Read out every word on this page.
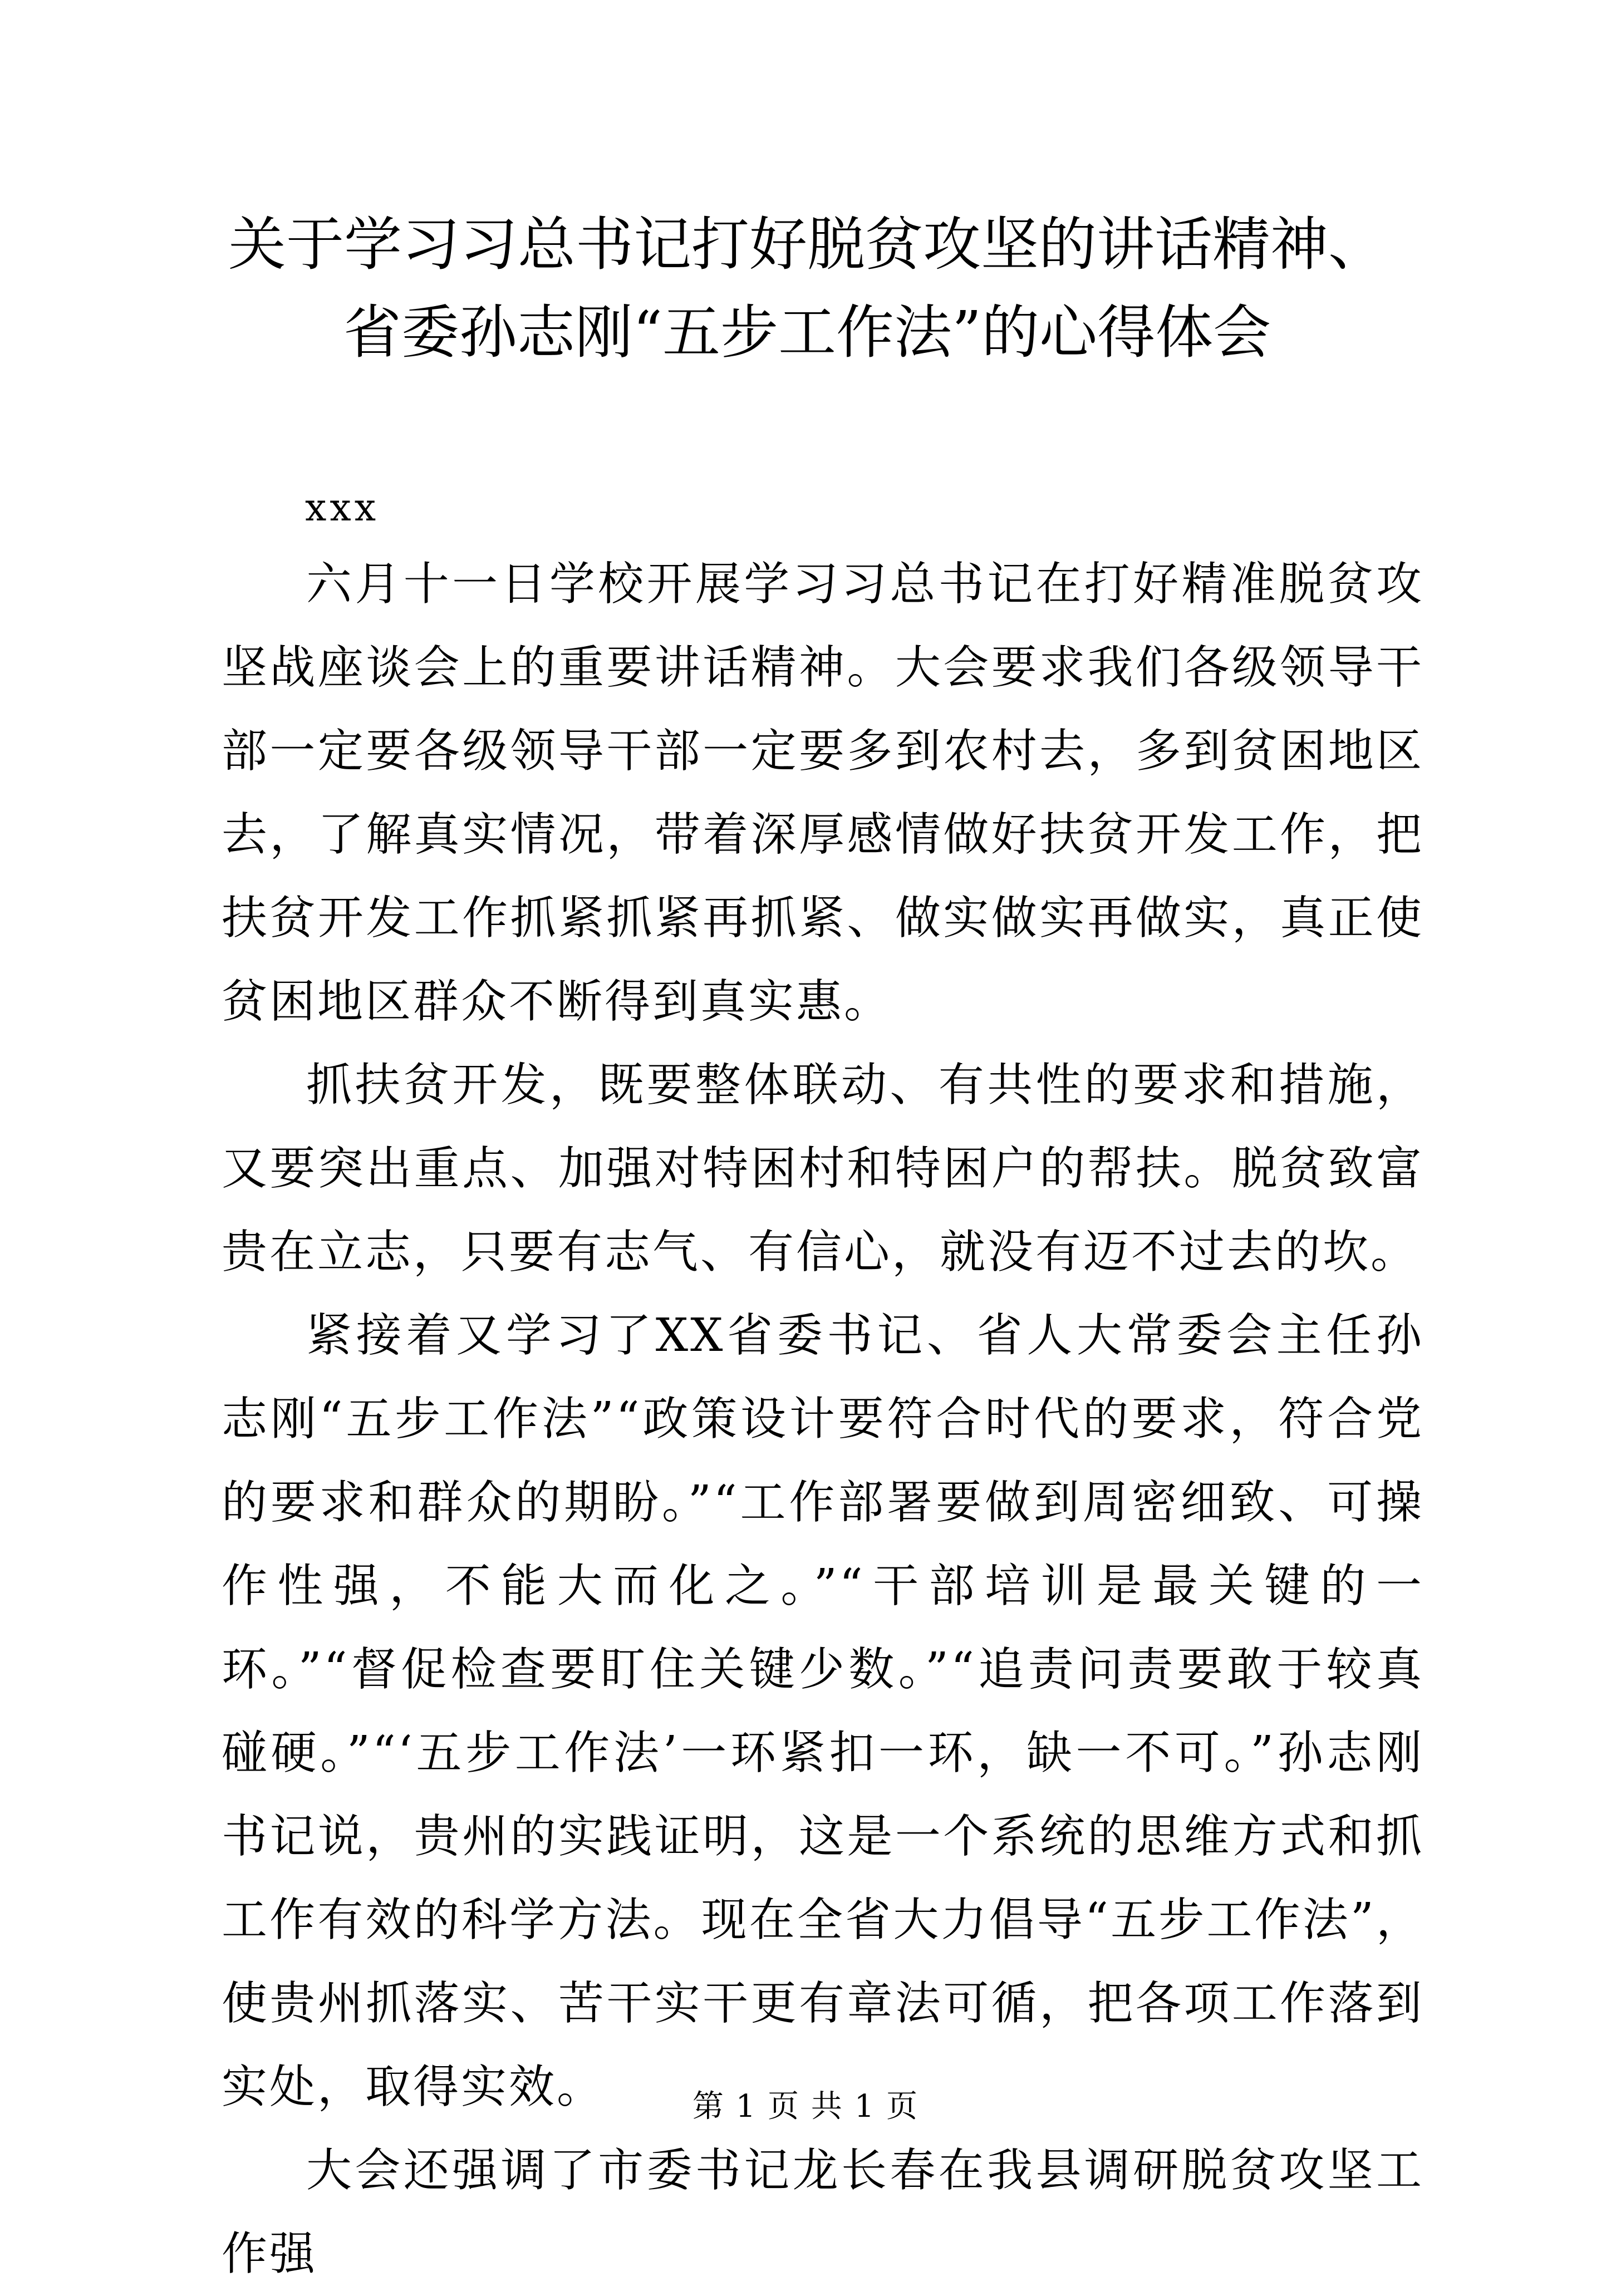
关于学习习总书记打好脱贫攻坚的讲话精神、
省委孙志刚“五步工作法”的心得体会
xxx

六月十一日学校开展学习习总书记在打好精准脱贫攻坚战座谈会上的重要讲话精神。大会要求我们各级领导干部一定要各级领导干部一定要多到农村去，多到贫困地区去，了解真实情况，带着深厚感情做好扶贫开发工作，把扶贫开发工作抓紧抓紧再抓紧、做实做实再做实，真正使贫困地区群众不断得到真实惠。

抓扶贫开发，既要整体联动、有共性的要求和措施，又要突出重点、加强对特困村和特困户的帮扶。脱贫致富贵在立志，只要有志气、有信心，就没有迈不过去的坎。

紧接着又学习了XX省委书记、省人大常委会主任孙志刚“五步工作法”“政策设计要符合时代的要求，符合党的要求和群众的期盼。”“工作部署要做到周密细致、可操作性强，不能大而化之。”“干部培训是最关键的一环。”“督促检查要盯住关键少数。”“追责问责要敢于较真碰硬。”“‘五步工作法’一环紧扣一环，缺一不可。”孙志刚书记说，贵州的实践证明，这是一个系统的思维方式和抓工作有效的科学方法。现在全省大力倡导“五步工作法”，使贵州抓落实、苦干实干更有章法可循，把各项工作落到实处，取得实效。

大会还强调了市委书记龙长春在我县调研脱贫攻坚工作强

第 1 页 共 1 页
